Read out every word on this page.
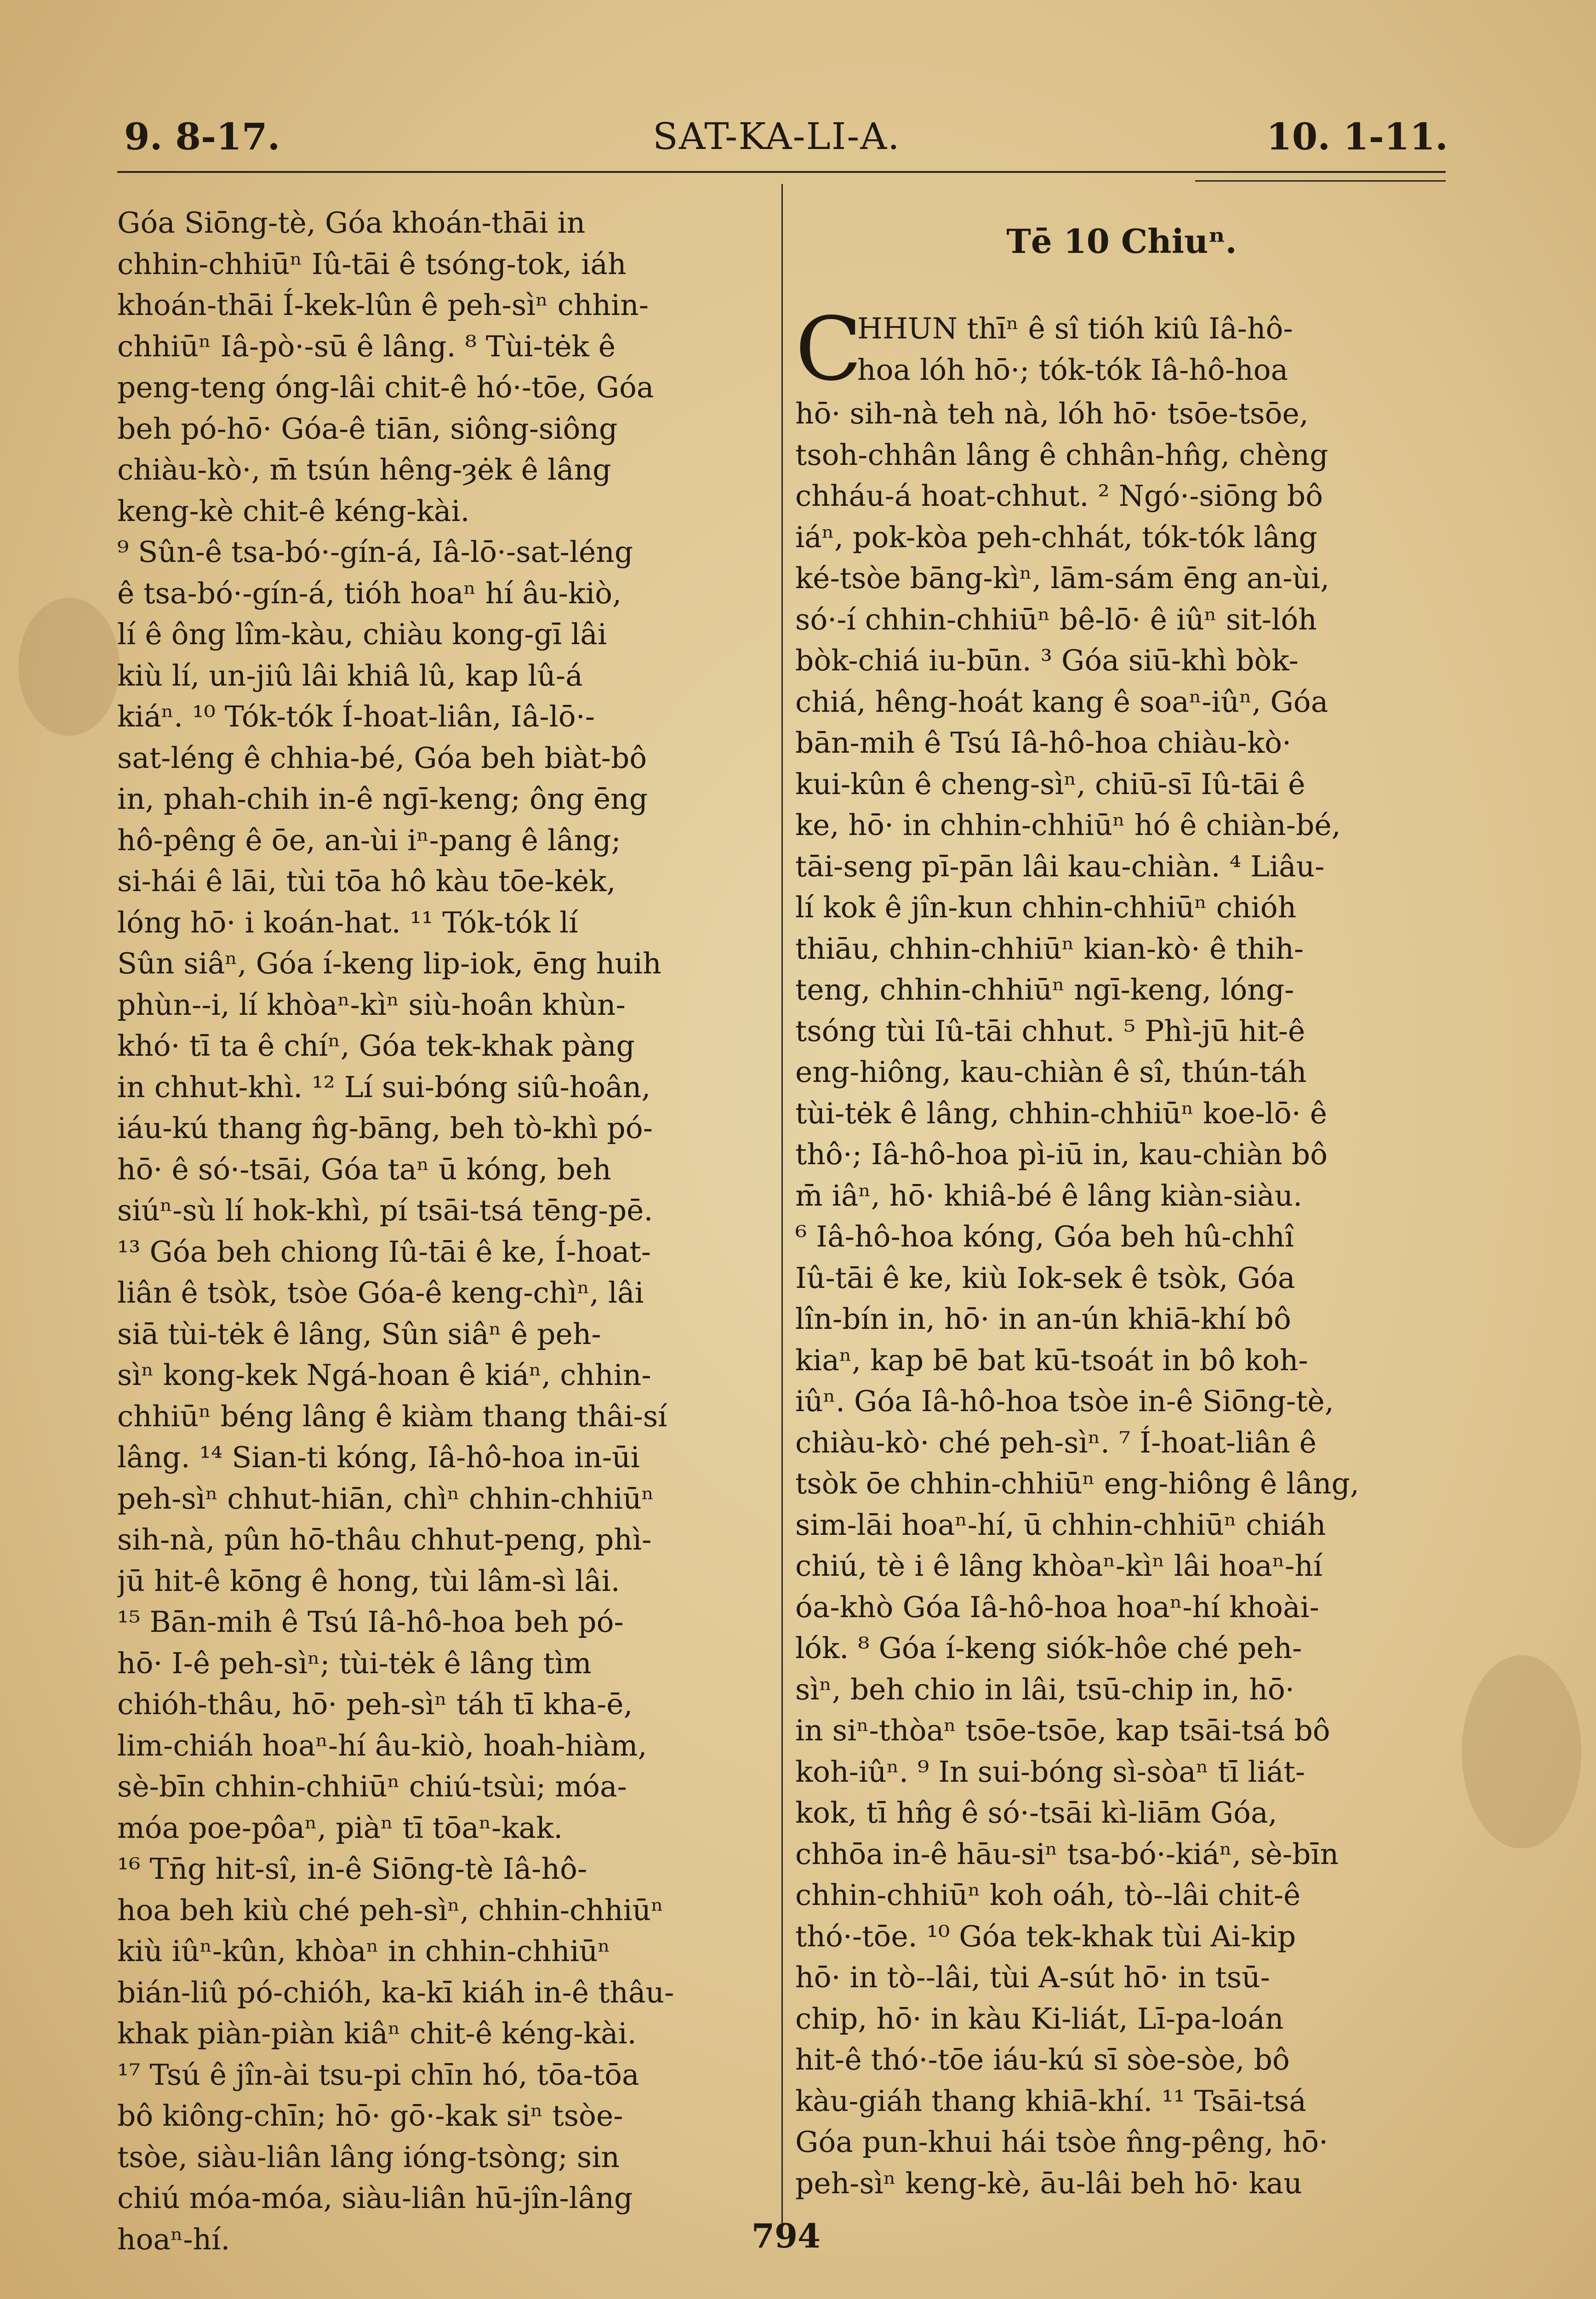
9. 8-17.	SAT-KA-LI-A.	10. 1-11.
Góa Siōng-tè, Góa khoán-thāi in
chhin-chhiūⁿ Iû-tāi ê tsóng-tok, iáh
khoán-thāi Í-kek-lûn ê peh-sìⁿ chhin-
chhiūⁿ Iâ-pò·-sū ê lâng. ⁸ Tùi-tėk ê
peng-teng óng-lâi chit-ê hó·-tōe, Góa
beh pó-hō· Góa-ê tiān, siông-siông
chiàu-kò·, m̄ tsún hêng-ȝėk ê lâng
keng-kè chit-ê kéng-kài.
⁹ Sûn-ê tsa-bó·-gín-á, Iâ-lō·-sat-léng
ê tsa-bó·-gín-á, tióh hoaⁿ hí âu-kiò,
lí ê ông lîm-kàu, chiàu kong-gī lâi
kiù lí, un-jiû lâi khiâ lû, kap lû-á
kiáⁿ. ¹⁰ Tók-tók Í-hoat-liân, Iâ-lō·-
sat-léng ê chhia-bé, Góa beh biàt-bô
in, phah-chih in-ê ngī-keng; ông ēng
hô-pêng ê ōe, an-ùi iⁿ-pang ê lâng;
si-hái ê lāi, tùi tōa hô kàu tōe-kėk,
lóng hō· i koán-hat. ¹¹ Tók-tók lí
Sûn siâⁿ, Góa í-keng lip-iok, ēng huih
phùn--i, lí khòaⁿ-kìⁿ siù-hoân khùn-
khó· tī ta ê chíⁿ, Góa tek-khak pàng
in chhut-khì. ¹² Lí sui-bóng siû-hoân,
iáu-kú thang n̂g-bāng, beh tò-khì pó-
hō· ê só·-tsāi, Góa taⁿ ū kóng, beh
siúⁿ-sù lí hok-khì, pí tsāi-tsá tēng-pē.
¹³ Góa beh chiong Iû-tāi ê ke, Í-hoat-
liân ê tsòk, tsòe Góa-ê keng-chìⁿ, lâi
siā tùi-tėk ê lâng, Sûn siâⁿ ê peh-
sìⁿ kong-kek Ngá-hoan ê kiáⁿ, chhin-
chhiūⁿ béng lâng ê kiàm thang thâi-sí
lâng. ¹⁴ Sian-ti kóng, Iâ-hô-hoa in-ūi
peh-sìⁿ chhut-hiān, chìⁿ chhin-chhiūⁿ
sih-nà, pûn hō-thâu chhut-peng, phì-
jū hit-ê kōng ê hong, tùi lâm-sì lâi.
¹⁵ Bān-mih ê Tsú Iâ-hô-hoa beh pó-
hō· I-ê peh-sìⁿ; tùi-tėk ê lâng tìm
chióh-thâu, hō· peh-sìⁿ táh tī kha-ē,
lim-chiáh hoaⁿ-hí âu-kiò, hoah-hiàm,
sè-bīn chhin-chhiūⁿ chiú-tsùi; móa-
móa poe-pôaⁿ, piàⁿ tī tōaⁿ-kak.
¹⁶ Tn̄g hit-sî, in-ê Siōng-tè Iâ-hô-
hoa beh kiù ché peh-sìⁿ, chhin-chhiūⁿ
kiù iûⁿ-kûn, khòaⁿ in chhin-chhiūⁿ
bián-liû pó-chióh, ka-kī kiáh in-ê thâu-
khak piàn-piàn kiâⁿ chit-ê kéng-kài.
¹⁷ Tsú ê jîn-ài tsu-pi chīn hó, tōa-tōa
bô kiông-chīn; hō· gō·-kak siⁿ tsòe-
tsòe, siàu-liân lâng ióng-tsòng; sin
chiú móa-móa, siàu-liân hū-jîn-lâng
hoaⁿ-hí.
Tē 10 Chiuⁿ.
C
HHUN thīⁿ ê sî tióh kiû Iâ-hô-
hoa lóh hō·; tók-tók Iâ-hô-hoa
hō· sih-nà teh nà, lóh hō· tsōe-tsōe,
tsoh-chhân lâng ê chhân-hn̂g, chèng
chháu-á hoat-chhut. ² Ngó·-siōng bô
iáⁿ, pok-kòa peh-chhát, tók-tók lâng
ké-tsòe bāng-kìⁿ, lām-sám ēng an-ùi,
só·-í chhin-chhiūⁿ bê-lō· ê iûⁿ sit-lóh
bòk-chiá iu-būn. ³ Góa siū-khì bòk-
chiá, hêng-hoát kang ê soaⁿ-iûⁿ, Góa
bān-mih ê Tsú Iâ-hô-hoa chiàu-kò·
kui-kûn ê cheng-sìⁿ, chiū-sī Iû-tāi ê
ke, hō· in chhin-chhiūⁿ hó ê chiàn-bé,
tāi-seng pī-pān lâi kau-chiàn. ⁴ Liâu-
lí kok ê jîn-kun chhin-chhiūⁿ chióh
thiāu, chhin-chhiūⁿ kian-kò· ê thih-
teng, chhin-chhiūⁿ ngī-keng, lóng-
tsóng tùi Iû-tāi chhut. ⁵ Phì-jū hit-ê
eng-hiông, kau-chiàn ê sî, thún-táh
tùi-tėk ê lâng, chhin-chhiūⁿ koe-lō· ê
thô·; Iâ-hô-hoa pì-iū in, kau-chiàn bô
m̄ iâⁿ, hō· khiâ-bé ê lâng kiàn-siàu.
⁶ Iâ-hô-hoa kóng, Góa beh hû-chhî
Iû-tāi ê ke, kiù Iok-sek ê tsòk, Góa
lîn-bín in, hō· in an-ún khiā-khí bô
kiaⁿ, kap bē bat kū-tsoát in bô koh-
iûⁿ. Góa Iâ-hô-hoa tsòe in-ê Siōng-tè,
chiàu-kò· ché peh-sìⁿ. ⁷ Í-hoat-liân ê
tsòk ōe chhin-chhiūⁿ eng-hiông ê lâng,
sim-lāi hoaⁿ-hí, ū chhin-chhiūⁿ chiáh
chiú, tè i ê lâng khòaⁿ-kìⁿ lâi hoaⁿ-hí
óa-khò Góa Iâ-hô-hoa hoaⁿ-hí khoài-
lók. ⁸ Góa í-keng siók-hôe ché peh-
sìⁿ, beh chio in lâi, tsū-chip in, hō·
in siⁿ-thòaⁿ tsōe-tsōe, kap tsāi-tsá bô
koh-iûⁿ. ⁹ In sui-bóng sì-sòaⁿ tī liát-
kok, tī hn̂g ê só·-tsāi kì-liām Góa,
chhōa in-ê hāu-siⁿ tsa-bó·-kiáⁿ, sè-bīn
chhin-chhiūⁿ koh oáh, tò--lâi chit-ê
thó·-tōe. ¹⁰ Góa tek-khak tùi Ai-kip
hō· in tò--lâi, tùi A-sút hō· in tsū-
chip, hō· in kàu Ki-liát, Lī-pa-loán
hit-ê thó·-tōe iáu-kú sī sòe-sòe, bô
kàu-giáh thang khiā-khí. ¹¹ Tsāi-tsá
Góa pun-khui hái tsòe n̂ng-pêng, hō·
peh-sìⁿ keng-kè, āu-lâi beh hō· kau
794
